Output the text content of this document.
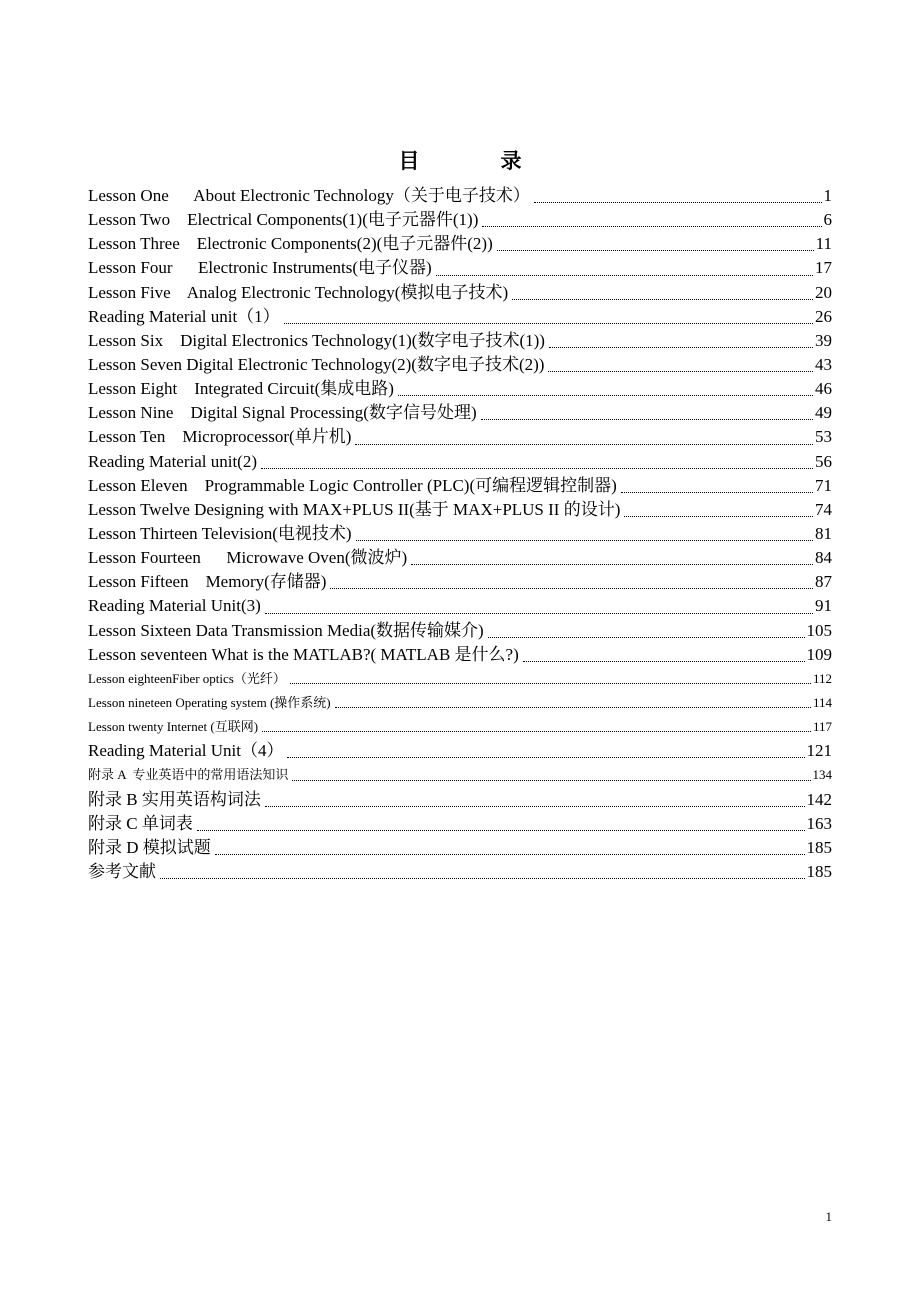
目　录
Lesson One      About Electronic Technology（关于电子技术）	1
Lesson Two    Electrical Components(1)(电子元器件(1))	6
Lesson Three    Electronic Components(2)(电子元器件(2))	11
Lesson Four      Electronic Instruments(电子仪器)	17
Lesson Five    Analog Electronic Technology(模拟电子技术)	20
Reading Material unit（1）	26
Lesson Six    Digital Electronics Technology(1)(数字电子技术(1))	39
Lesson Seven Digital Electronic Technology(2)(数字电子技术(2))	43
Lesson Eight    Integrated Circuit(集成电路)	46
Lesson Nine    Digital Signal Processing(数字信号处理)	49
Lesson Ten    Microprocessor(单片机)	53
Reading Material unit(2)	56
Lesson Eleven    Programmable Logic Controller (PLC)(可编程逻辑控制器)	71
Lesson Twelve Designing with MAX+PLUS II(基于 MAX+PLUS II 的设计)	74
Lesson Thirteen Television(电视技术)	81
Lesson Fourteen      Microwave Oven(微波炉)	84
Lesson Fifteen    Memory(存储器)	87
Reading Material Unit(3)	91
Lesson Sixteen Data Transmission Media(数据传输媒介)	105
Lesson seventeen What is the MATLAB?( MATLAB 是什么?)	109
Lesson eighteenFiber optics（光纤）	112
Lesson nineteen Operating system (操作系统)	114
Lesson twenty Internet (互联网)	117
Reading Material Unit（4）	121
附录 A  专业英语中的常用语法知识	134
附录 B 实用英语构词法	142
附录 C 单词表	163
附录 D 模拟试题	185
参考文献	185
1
